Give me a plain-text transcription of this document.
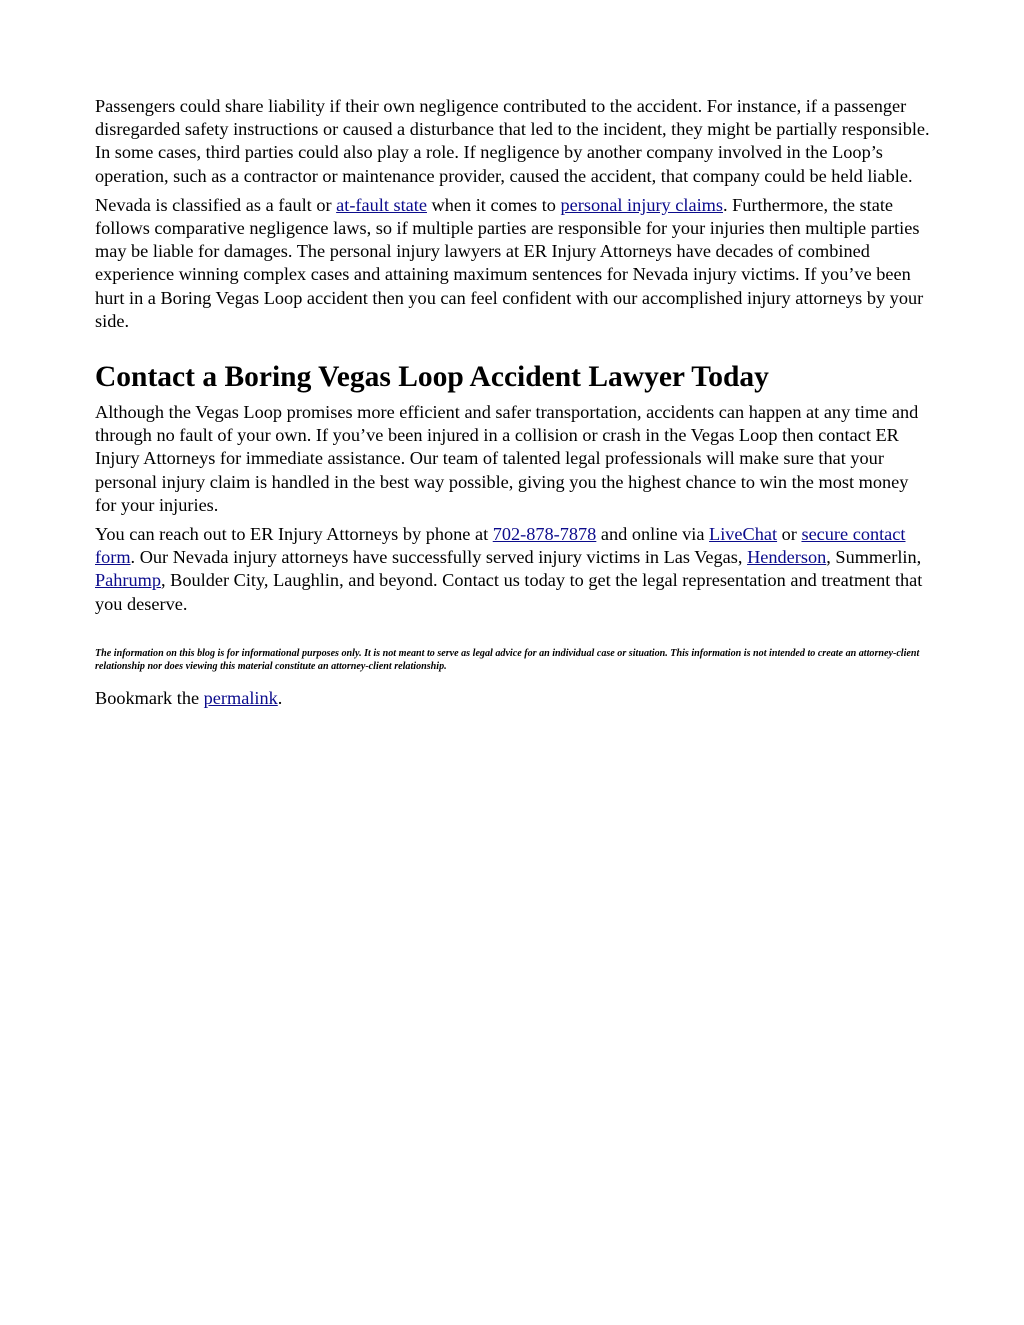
Passengers could share liability if their own negligence contributed to the accident. For instance, if a passenger disregarded safety instructions or caused a disturbance that led to the incident, they might be partially responsible. In some cases, third parties could also play a role. If negligence by another company involved in the Loop’s operation, such as a contractor or maintenance provider, caused the accident, that company could be held liable.

Nevada is classified as a fault or at-fault state when it comes to personal injury claims. Furthermore, the state follows comparative negligence laws, so if multiple parties are responsible for your injuries then multiple parties may be liable for damages. The personal injury lawyers at ER Injury Attorneys have decades of combined experience winning complex cases and attaining maximum sentences for Nevada injury victims. If you’ve been hurt in a Boring Vegas Loop accident then you can feel confident with our accomplished injury attorneys by your side.

Contact a Boring Vegas Loop Accident Lawyer Today

Although the Vegas Loop promises more efficient and safer transportation, accidents can happen at any time and through no fault of your own. If you’ve been injured in a collision or crash in the Vegas Loop then contact ER Injury Attorneys for immediate assistance. Our team of talented legal professionals will make sure that your personal injury claim is handled in the best way possible, giving you the highest chance to win the most money for your injuries.

You can reach out to ER Injury Attorneys by phone at 702-878-7878 and online via LiveChat or secure contact form. Our Nevada injury attorneys have successfully served injury victims in Las Vegas, Henderson, Summerlin, Pahrump, Boulder City, Laughlin, and beyond. Contact us today to get the legal representation and treatment that you deserve.

The information on this blog is for informational purposes only. It is not meant to serve as legal advice for an individual case or situation. This information is not intended to create an attorney-client relationship nor does viewing this material constitute an attorney-client relationship.

Bookmark the permalink.
